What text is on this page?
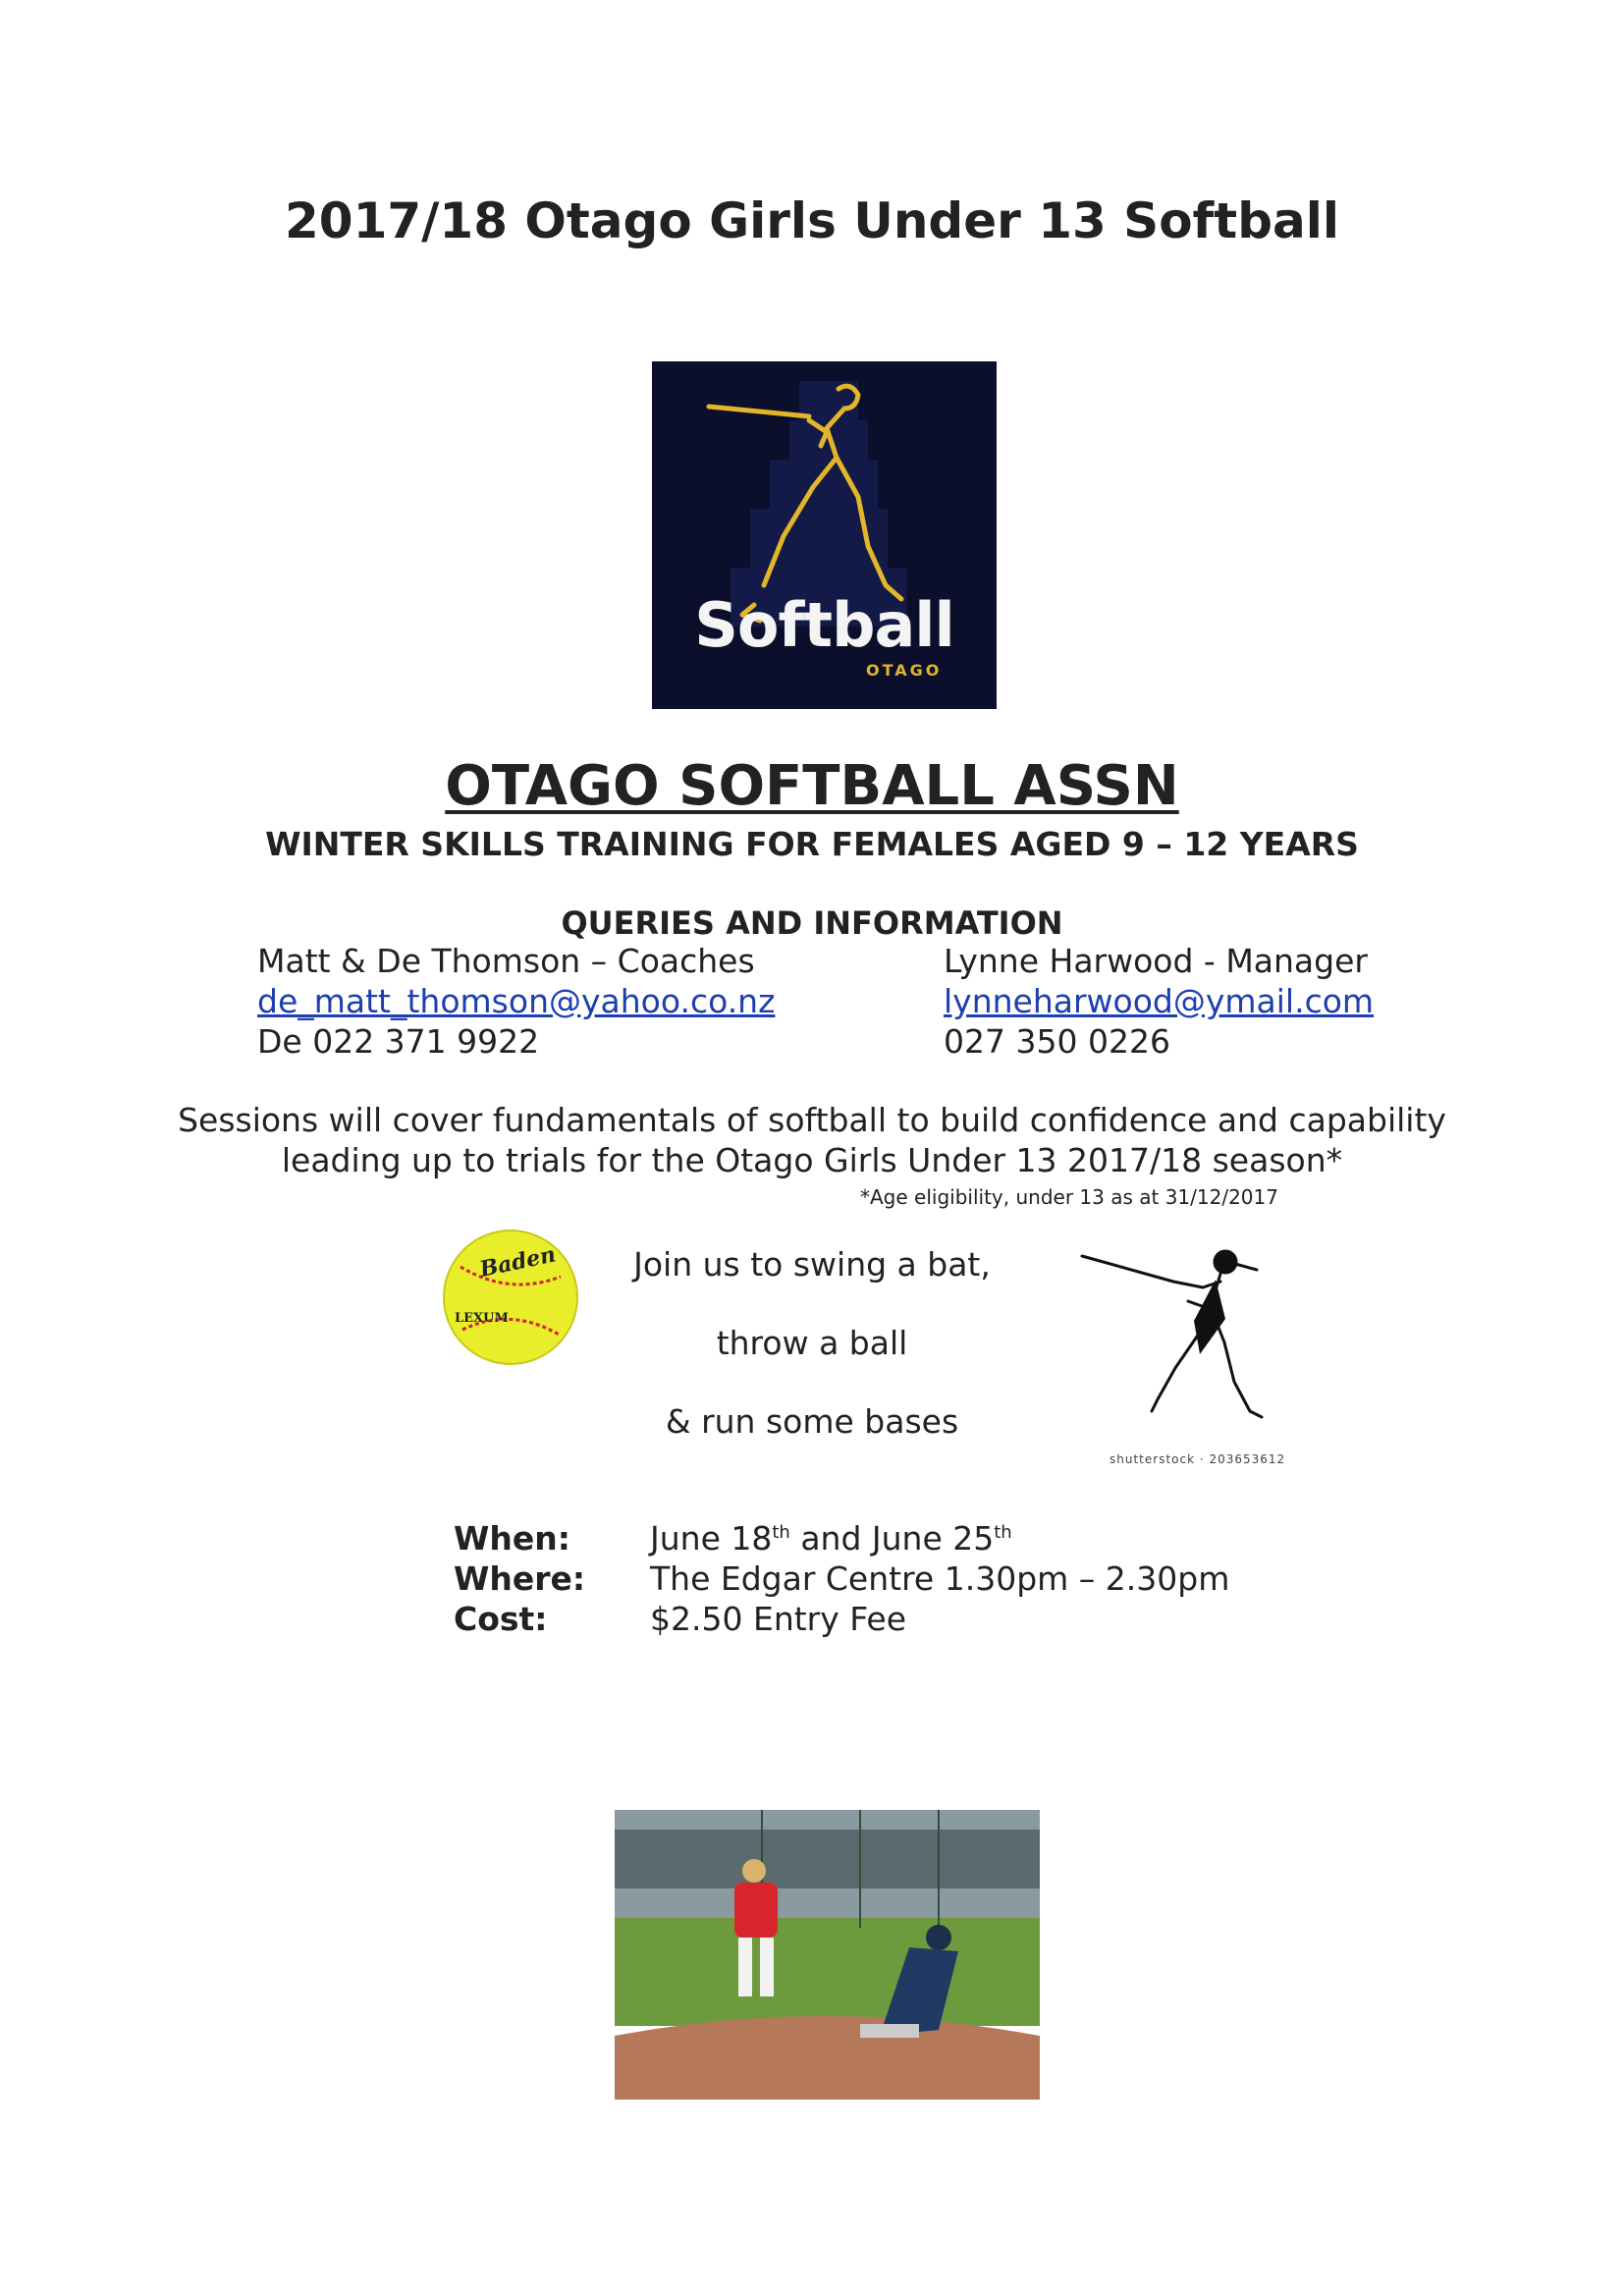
2017/18 Otago Girls Under 13 Softball
Softball
OTAGO
OTAGO SOFTBALL ASSN
WINTER SKILLS TRAINING FOR FEMALES AGED 9 – 12 YEARS
QUERIES AND INFORMATION
Matt & De Thomson – Coaches
de_matt_thomson@yahoo.co.nz
De 022 371 9922
Lynne Harwood - Manager
lynneharwood@ymail.com
027 350 0226
Sessions will cover fundamentals of softball to build confidence and capability
leading up to trials for the Otago Girls Under 13 2017/18 season*
*Age eligibility, under 13 as at 31/12/2017
Baden
LEXUM
Join us to swing a bat,
throw a ball
& run some bases
shutterstock · 203653612
When: June 18th and June 25th
Where: The Edgar Centre 1.30pm – 2.30pm
Cost:	$2.50 Entry Fee
